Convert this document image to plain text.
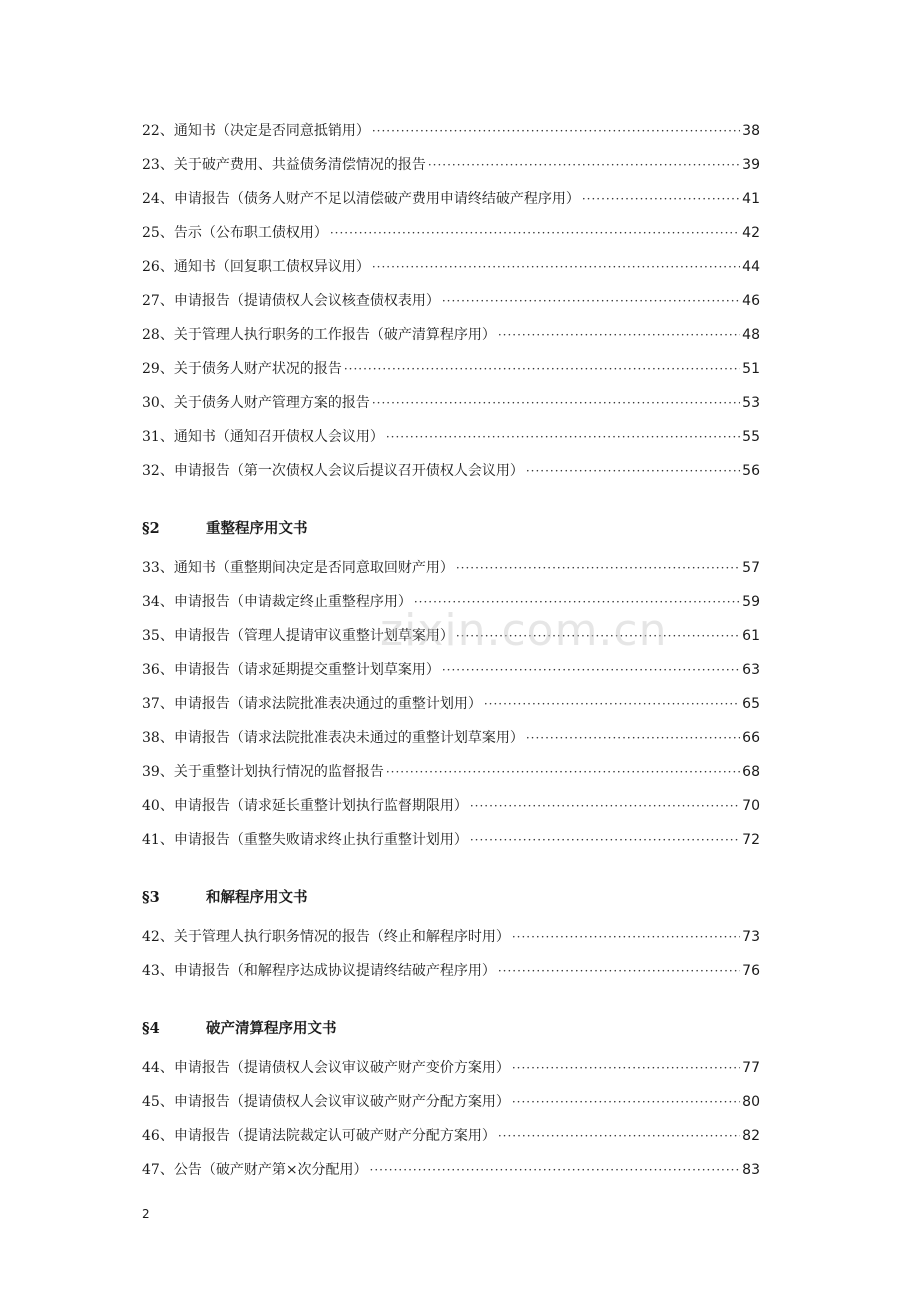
22、通知书（决定是否同意抵销用） ·····	38
23、关于破产费用、共益债务清偿情况的报告 ·····	39
24、申请报告（债务人财产不足以清偿破产费用申请终结破产程序用） ·····	41
25、告示（公布职工债权用） ·····	42
26、通知书（回复职工债权异议用） ·····	44
27、申请报告（提请债权人会议核查债权表用） ·····	46
28、关于管理人执行职务的工作报告（破产清算程序用） ·····	48
29、关于债务人财产状况的报告 ·····	51
30、关于债务人财产管理方案的报告 ·····	53
31、通知书（通知召开债权人会议用） ·····	55
32、申请报告（第一次债权人会议后提议召开债权人会议用） ·····	56
§2	重整程序用文书
33、通知书（重整期间决定是否同意取回财产用） ·····	57
34、申请报告（申请裁定终止重整程序用） ·····	59
35、申请报告（管理人提请审议重整计划草案用） ·····	61
36、申请报告（请求延期提交重整计划草案用） ·····	63
37、申请报告（请求法院批准表决通过的重整计划用） ·····	65
38、申请报告（请求法院批准表决未通过的重整计划草案用） ·····	66
39、关于重整计划执行情况的监督报告 ·····	68
40、申请报告（请求延长重整计划执行监督期限用） ·····	70
41、申请报告（重整失败请求终止执行重整计划用） ·····	72
§3	和解程序用文书
42、关于管理人执行职务情况的报告（终止和解程序时用） ·····	73
43、申请报告（和解程序达成协议提请终结破产程序用） ·····	76
§4	破产清算程序用文书
44、申请报告（提请债权人会议审议破产财产变价方案用） ·····	77
45、申请报告（提请债权人会议审议破产财产分配方案用） ·····	80
46、申请报告（提请法院裁定认可破产财产分配方案用） ·····	82
47、公告（破产财产第×次分配用） ·····	83
zixin.com.cn
2
